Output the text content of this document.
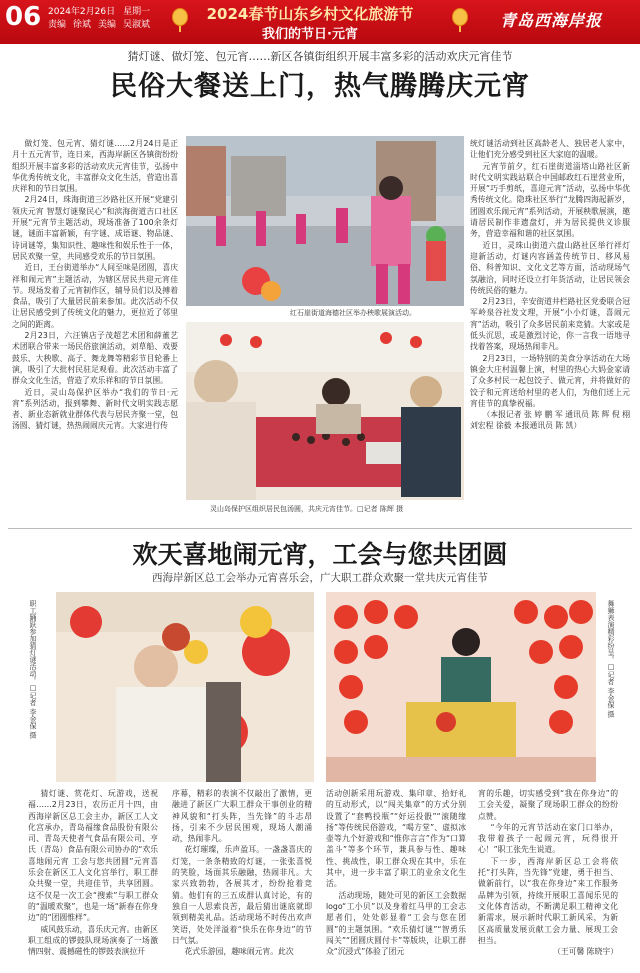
06 2024年2月26日 星期一
责编 徐斌 美编 吴淑斌
2024春节山东乡村文化旅游节
我们的节日·元宵
青岛西海岸报
猜灯谜、做灯笼、包元宵……新区各镇街组织开展丰富多彩的活动欢庆元宵佳节
民俗大餐送上门，热气腾腾庆元宵

做灯笼、包元宵、猜灯谜……2月24日是正月十五元宵节，连日来，西海岸新区各镇街纷纷组织开展丰富多彩的活动欢庆元宵佳节，弘扬中华优秀传统文化，丰富群众文化生活，营造出喜庆祥和的节日氛围。

2月24日，珠海街道三沙路社区开展“党建引领庆元宵 智慧灯谜聚民心”和滨海街道吉口社区开展“元宵节主题活动，现场准备了100余条灯谜，谜面丰富新颖，有字谜、成语谜、物品谜、诗词谜等，集知识性、趣味性和娱乐性于一体，居民欢聚一堂，共同感受欢乐的节日氛围。

近日，王台街道举办“人间至味是团圆，喜庆祥和闹元宵”主题活动，为辖区居民共迎元宵佳节。现场发着了元宵制作区，辅导员们以及搏着食品，吸引了大量居民前来参加。此次活动不仅让居民感受到了传统文化的魅力，更拉近了邻里之间的距离。

2月23日，六汪镇店子茂超艺术团和薛董艺术团联合带来一场民俗旅演活动，刘草船、戏要鼓乐、大秧歌、高子、舞龙舞等精彩节目轮番上演，吸引了大批村民驻足观看。此次活动丰富了群众文化生活，营造了欢乐祥和的节日氛围。

近日，灵山岛保护区举办“我们的节日·元宵”系列活动，报到攀舞、新时代文明实践志愿者、新业态新就业群体代表与居民齐聚一堂，包汤圆、猜灯谜，热热闹闹庆元宵。大家进行传

红石崖街道海德社区举办秧歌展演活动。
灵山岛保护区组织居民包汤圆，共庆元宵佳节。□记者 陈辉 摄

统灯谜活动到社区高龄老人、独居老人家中，让他们充分感受到社区大家庭的温暖。

元宵节前夕，红石崖街道淄塔山路社区新时代文明实践站联合中国邮政红石崖营业所，开展“巧手剪纸，喜迎元宵”活动，弘扬中华优秀传统文化。隐珠社区举行“龙腾四海起新岁，团圆欢乐闹元宵”系列活动，开展秧歌展演，邀请居民制作非遗盘灯，并为居民提供义诊服务，营造幸福和谐的社区氛围。

近日，灵珠山街道六盘山路社区举行祥灯迎新活动，灯谜内容涵盖传统节日、移风易俗、科普知识、文化文艺等方面，活动现场气氛融洽，同时还设立打年货活动，让居民领会传统民俗的魅力。

2月23日，辛安街道井栏路社区党委联合冠军岭泉谷社发文理，开展“小小灯谜，喜闹元宵”活动，吸引了众多居民前来竞猜。大家或是低头沉思，或是激烈讨论，你一言我一语地寻找着答案，现场热闹非凡。

2月23日，一场特别的美食分享活动在大场镇金大庄村温馨上演，村里的热心大妈金家请了众多村民一起包饺子、做元宵，并将做好的饺子和元宵送给村里的老人们，为他们送上元宵佳节的真挚祝福。

（本报记者 张 婷 鹏 军 通讯员 陈 辉 倪 栩 刘宏程 徐毅 本报通讯员 陈 凯）

欢天喜地闹元宵，工会与您共团圆
西海岸新区总工会举办元宵喜乐会，广大职工群众欢聚一堂共庆元宵佳节
职工踊跃参加猜灯谜活动。□记者 李金保 摄	舞狮表演精彩纷呈。□记者 李金保 摄

猜灯谜、赏花灯、玩游戏，送祝福……2月23日，农历正月十四，由西海岸新区总工会主办，新区工人文化宫承办，青岛福缘食品股份有限公司、青岛天使者气食品有限公司、亨氏（青岛）食品有限公司协办的“欢乐喜地闹元宵 工会与您共团圆”元宵喜乐会在新区工人文化宫举行，职工群众共聚一堂，共迎佳节，共享团圆。这不仅是一次工会“搜索”与职工群众的“温暖欢聚”，也是一场“新春在你身边”的“团圆惟样”。

威风鼓乐动，喜乐庆元宵。由新区职工组成的锣鼓队现场演奏了一场激情四射、震撼磁性的锣鼓表演拉开

序幕，精彩的表演不仅敲出了激情，更融进了新区广大职工群众干事创业的精神风貌和“打头阵，当先锋”的斗志昂扬，引来不少居民围观，现场人潮涌动，热闹非凡。

花灯璀璨，乐声盈耳。一盏盏喜庆的灯笼，一条条精致的灯谜，一张张喜悦的笑脸，场面其乐融融，热闹非凡。大家兴致勃勃，各展其才，纷纷抢着竞猜。他们有的三五成群认真讨论，有的独自一人思索良苦，最后猜出谜底就即领到精美礼品。活动现场不时传出欢声笑语，处处洋溢着“快乐在你身边”的节日气氛。

花式乐游园，趣味闹元宵。此次

活动创新采用玩游戏、集印章、拾好礼的互动形式，以“闯关集章”的方式分别设置了“套鸭投瓶”“好运投骰”“滚随缘扬”等传统民俗游戏，“喝方堂”、虚拟冰壶等九个好游戏和“惟你言言”作为“口算盖斗”等多个环节，兼具参与性、趣味性、挑战性，职工群众现在其中，乐在其中，进一步丰富了职工的业余文化生活。

活动现场，随处可见的新区工会数据logo“工小贝”以及身着红马甲的工会志愿者们，处处彰显着“工会与您在团圆”的主题氛围。“欢乐猜灯谜”“智勇乐闯关”“团圆庆圆付卡”等版块，让职工群众“沉浸式”体验了团元

宵的乐趣，切实感受到“我在你身边”的工会关爱，凝聚了现场职工群众的纷纷点赞。

“今年的元宵节活动在家门口举办，我带着孩子一起闹元宵，玩得很开心！”职工张先生说道。

下一步，西海岸新区总工会将依托“打头阵，当先锋”党建，勇于担当、做新前行，以“我在你身边”来工作服务品牌为引领，持续开展职工喜闻乐见的文化体育活动，不断满足职工精神文化新需求，展示新时代职工新风采，为新区高质量发展贡献工会力量、展现工会担当。

（王可馨 陈晓宇）
